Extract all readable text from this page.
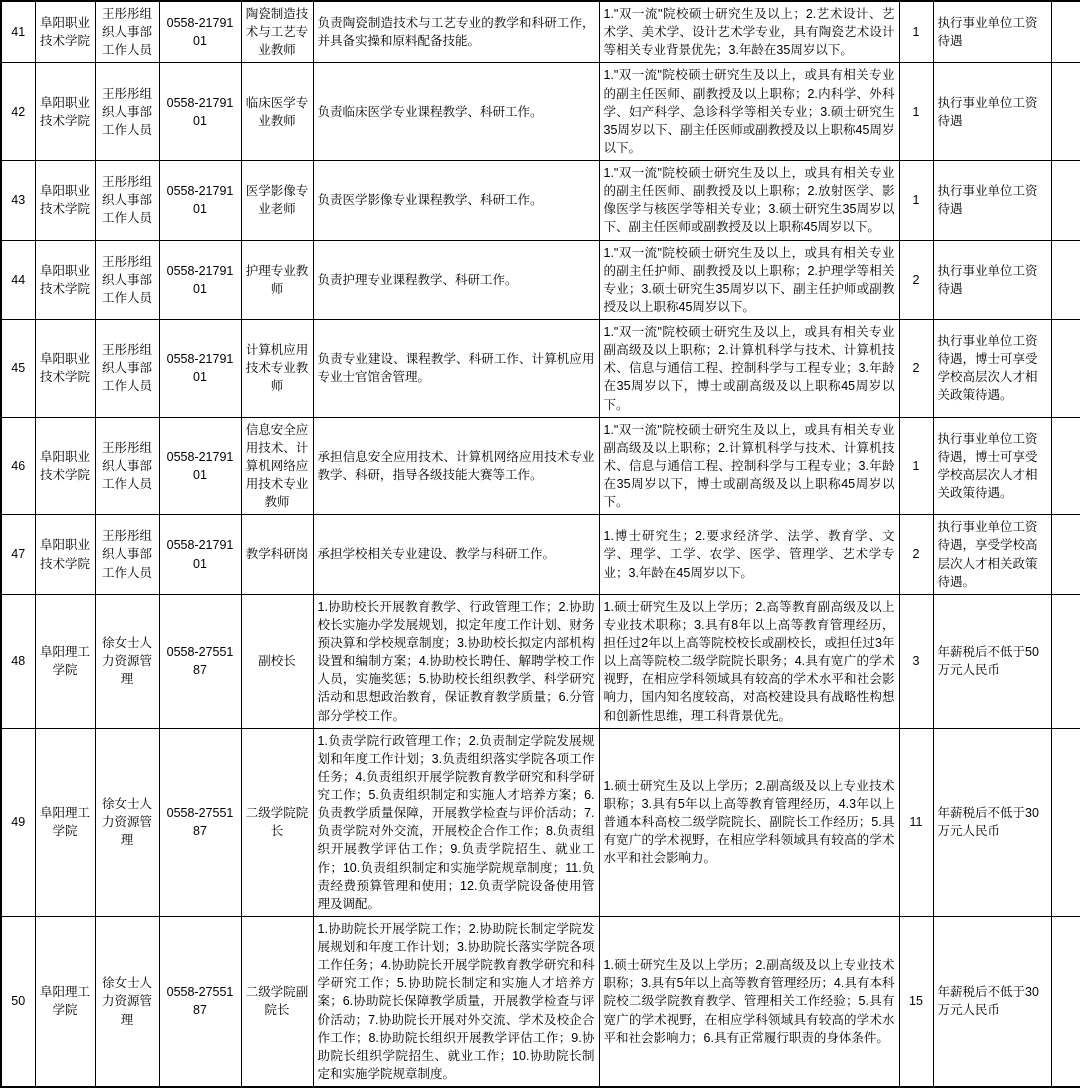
41	阜阳职业技术学院	王彤彤组织人事部工作人员	0558-2179101	陶瓷制造技术与工艺专业教师	负责陶瓷制造技术与工艺专业的教学和科研工作，并具备实操和原料配备技能。	1."双一流"院校硕士研究生及以上；2.艺术设计、艺术学、美术学、设计艺术学专业，具有陶瓷艺术设计等相关专业背景优先；3.年龄在35周岁以下。	1	执行事业单位工资待遇	
42	阜阳职业技术学院	王彤彤组织人事部工作人员	0558-2179101	临床医学专业教师	负责临床医学专业课程教学、科研工作。	1."双一流"院校硕士研究生及以上，或具有相关专业的副主任医师、副教授及以上职称；2.内科学、外科学、妇产科学、急诊科学等相关专业；3.硕士研究生35周岁以下、副主任医师或副教授及以上职称45周岁以下。	1	执行事业单位工资待遇	
43	阜阳职业技术学院	王彤彤组织人事部工作人员	0558-2179101	医学影像专业老师	负责医学影像专业课程教学、科研工作。	1."双一流"院校硕士研究生及以上，或具有相关专业的副主任医师、副教授及以上职称；2.放射医学、影像医学与核医学等相关专业；3.硕士研究生35周岁以下、副主任医师或副教授及以上职称45周岁以下。	1	执行事业单位工资待遇	
44	阜阳职业技术学院	王彤彤组织人事部工作人员	0558-2179101	护理专业教师	负责护理专业课程教学、科研工作。	1."双一流"院校硕士研究生及以上，或具有相关专业的副主任护师、副教授及以上职称；2.护理学等相关专业；3.硕士研究生35周岁以下、副主任护师或副教授及以上职称45周岁以下。	2	执行事业单位工资待遇	
45	阜阳职业技术学院	王彤彤组织人事部工作人员	0558-2179101	计算机应用技术专业教师	负责专业建设、课程教学、科研工作、计算机应用专业士官馆舍管理。	1."双一流"院校硕士研究生及以上，或具有相关专业副高级及以上职称；2.计算机科学与技术、计算机技术、信息与通信工程、控制科学与工程专业；3.年龄在35周岁以下，博士或副高级及以上职称45周岁以下。	2	执行事业单位工资待遇，博士可享受学校高层次人才相关政策待遇。	
46	阜阳职业技术学院	王彤彤组织人事部工作人员	0558-2179101	信息安全应用技术、计算机网络应用技术专业教师	承担信息安全应用技术、计算机网络应用技术专业教学、科研，指导各级技能大赛等工作。	1."双一流"院校硕士研究生及以上，或具有相关专业副高级及以上职称；2.计算机科学与技术、计算机技术、信息与通信工程、控制科学与工程专业；3.年龄在35周岁以下，博士或副高级及以上职称45周岁以下。	1	执行事业单位工资待遇，博士可享受学校高层次人才相关政策待遇。	
47	阜阳职业技术学院	王彤彤组织人事部工作人员	0558-2179101	教学科研岗	承担学校相关专业建设、教学与科研工作。	1.博士研究生；2.要求经济学、法学、教育学、文学、理学、工学、农学、医学、管理学、艺术学专业；3.年龄在45周岁以下。	2	执行事业单位工资待遇，享受学校高层次人才相关政策待遇。	
48	阜阳理工学院	徐女士人力资源管理	0558-2755187	副校长	1.协助校长开展教育教学、行政管理工作；2.协助校长实施办学发展规划，拟定年度工作计划、财务预决算和学校规章制度；3.协助校长拟定内部机构设置和编制方案；4.协助校长聘任、解聘学校工作人员，实施奖惩；5.协助校长组织教学、科学研究活动和思想政治教育，保证教育教学质量；6.分管部分学校工作。	1.硕士研究生及以上学历；2.高等教育副高级及以上专业技术职称；3.具有8年以上高等教育管理经历，担任过2年以上高等院校校长或副校长，或担任过3年以上高等院校二级学院院长职务；4.具有宽广的学术视野，在相应学科领域具有较高的学术水平和社会影响力，国内知名度较高，对高校建设具有战略性构想和创新性思维，理工科背景优先。	3	年薪税后不低于50万元人民币	
49	阜阳理工学院	徐女士人力资源管理	0558-2755187	二级学院院长	1.负责学院行政管理工作；2.负责制定学院发展规划和年度工作计划；3.负责组织落实学院各项工作任务；4.负责组织开展学院教育教学研究和科学研究工作；5.负责组织制定和实施人才培养方案；6.负责教学质量保障，开展教学检查与评价活动；7.负责学院对外交流，开展校企合作工作；8.负责组织开展教学评估工作；9.负责学院招生、就业工作；10.负责组织制定和实施学院规章制度；11.负责经费预算管理和使用；12.负责学院设备使用管理及调配。	1.硕士研究生及以上学历；2.副高级及以上专业技术职称；3.具有5年以上高等教育管理经历，4.3年以上普通本科高校二级学院院长、副院长工作经历；5.具有宽广的学术视野，在相应学科领域具有较高的学术水平和社会影响力。	11	年薪税后不低于30万元人民币	
50	阜阳理工学院	徐女士人力资源管理	0558-2755187	二级学院副院长	1.协助院长开展学院工作；2.协助院长制定学院发展规划和年度工作计划；3.协助院长落实学院各项工作任务；4.协助院长开展学院教育教学研究和科学研究工作；5.协助院长制定和实施人才培养方案；6.协助院长保障教学质量，开展教学检查与评价活动；7.协助院长开展对外交流、学术及校企合作工作；8.协助院长组织开展教学评估工作；9.协助院长组织学院招生、就业工作；10.协助院长制定和实施学院规章制度。	1.硕士研究生及以上学历；2.副高级及以上专业技术职称；3.具有5年以上高等教育管理经历；4.具有本科院校二级学院教育教学、管理相关工作经验；5.具有宽广的学术视野，在相应学科领域具有较高的学术水平和社会影响力；6.具有正常履行职责的身体条件。	15	年薪税后不低于30万元人民币	
